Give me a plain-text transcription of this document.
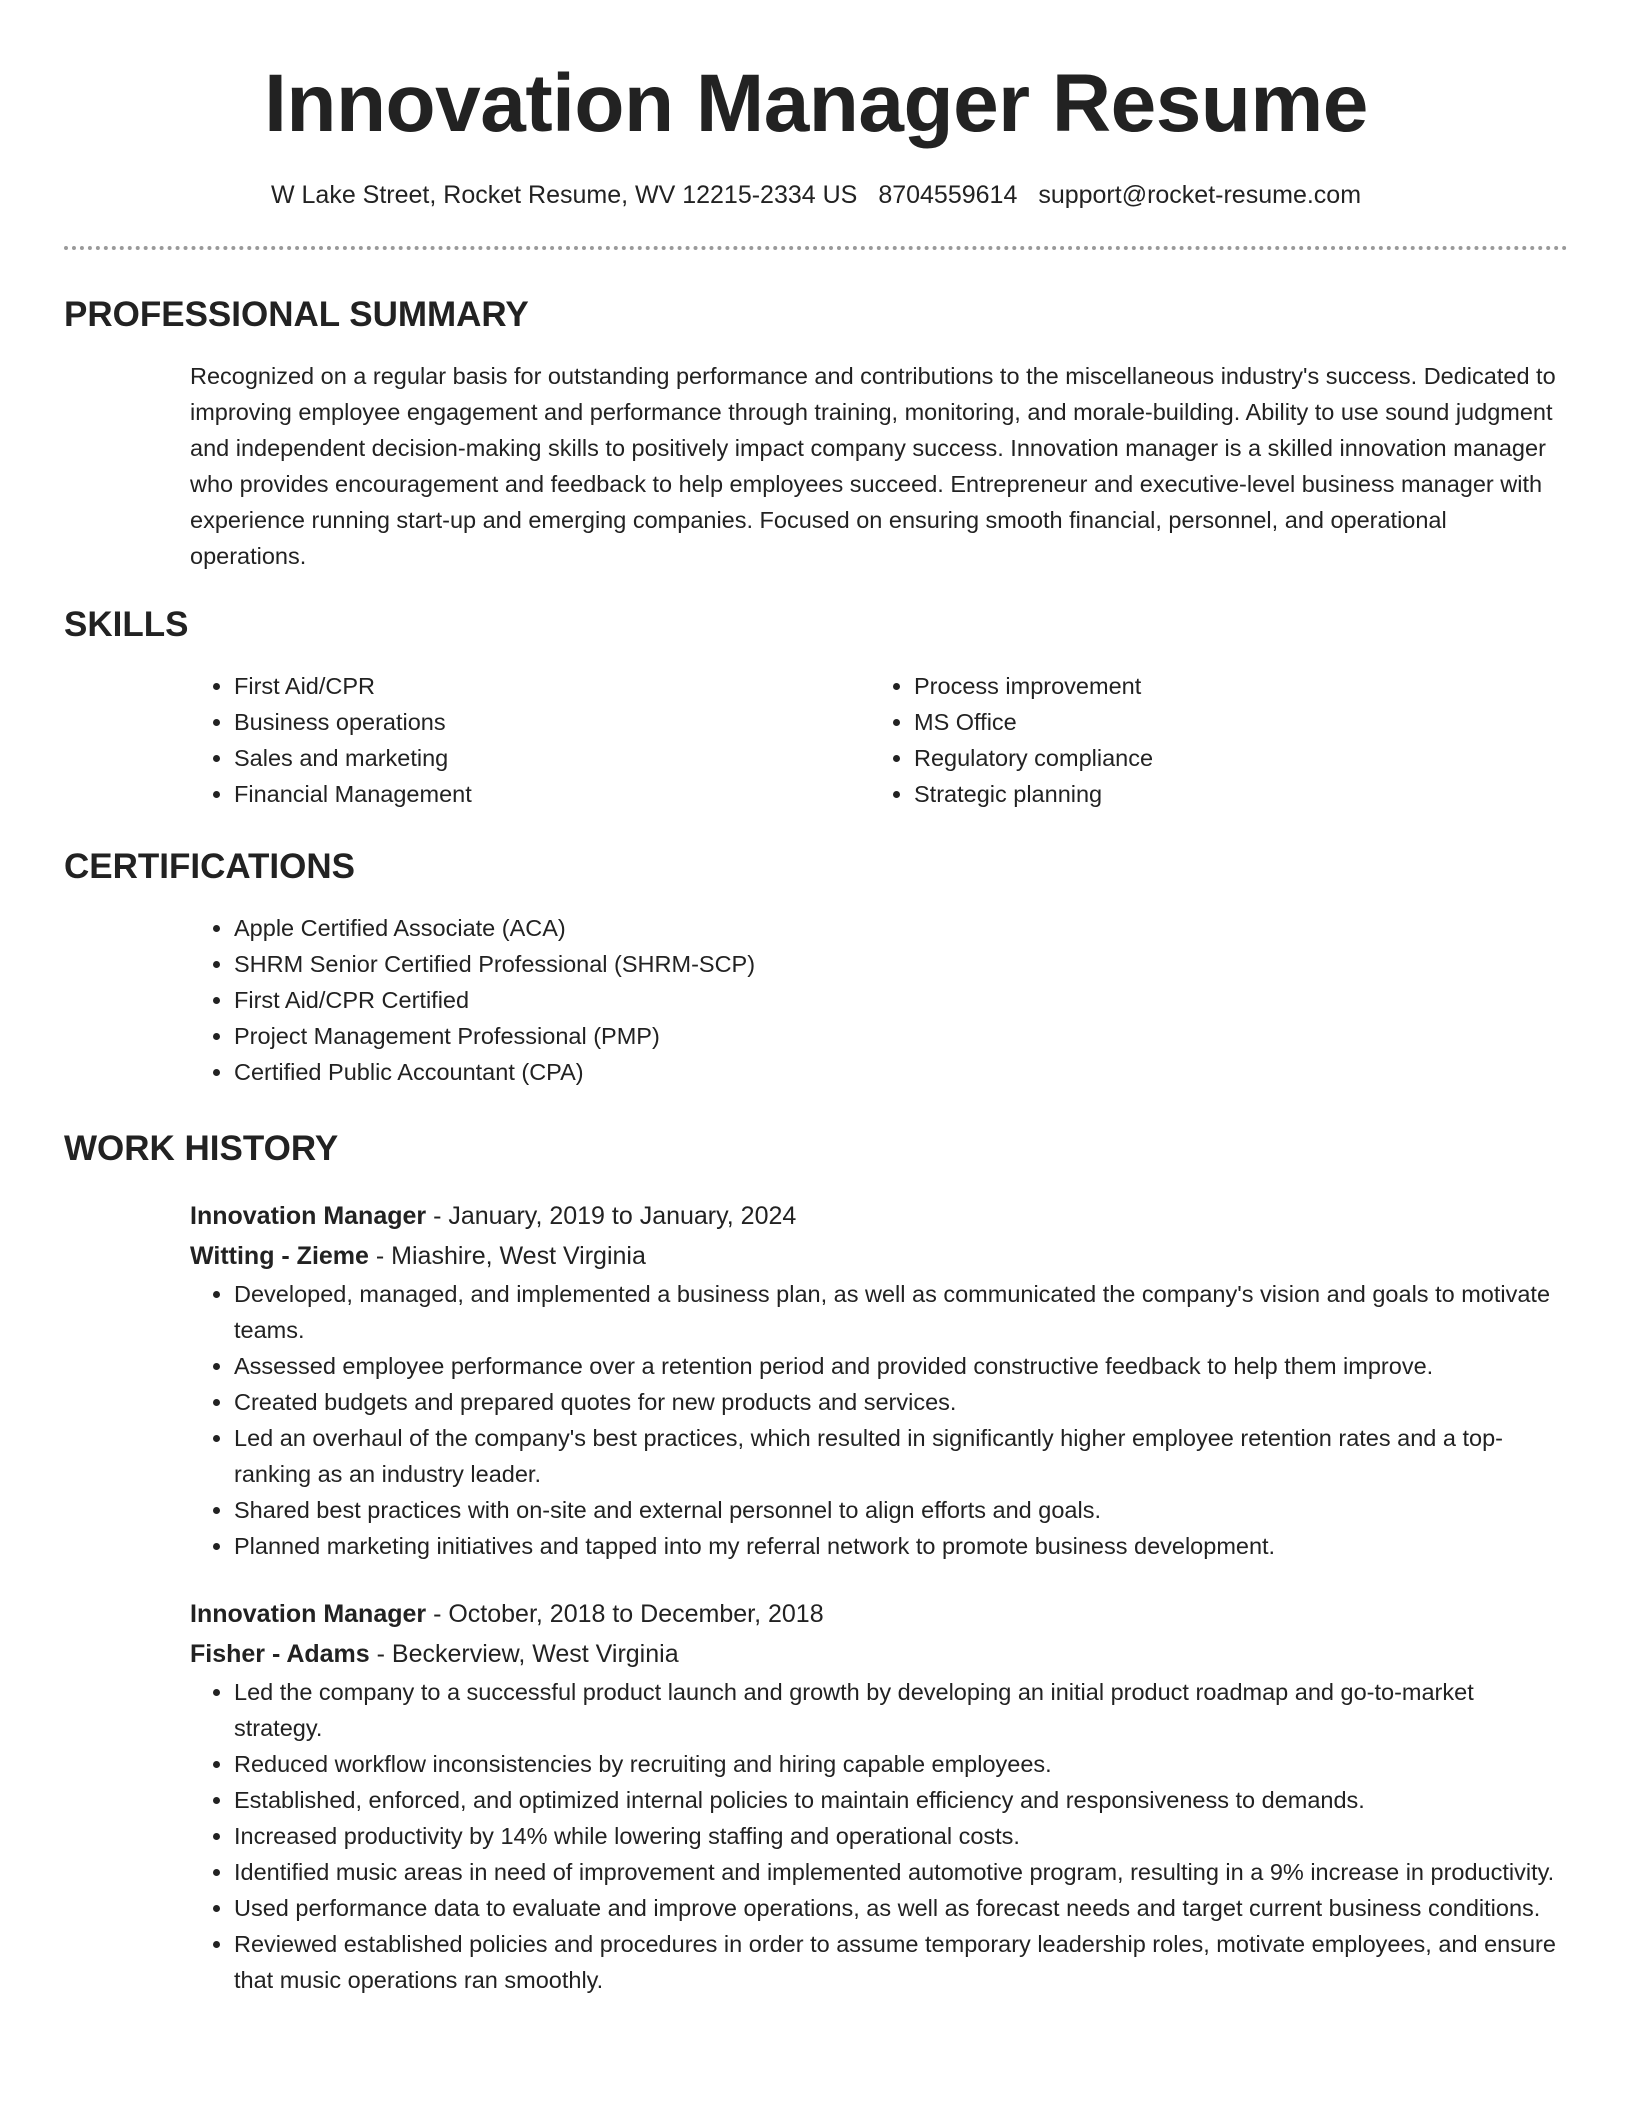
Innovation Manager Resume
W Lake Street, Rocket Resume, WV 12215-2334 US 8704559614 support@rocket-resume.com
PROFESSIONAL SUMMARY

Recognized on a regular basis for outstanding performance and contributions to the miscellaneous industry's success. Dedicated to improving employee engagement and performance through training, monitoring, and morale-building. Ability to use sound judgment and independent decision-making skills to positively impact company success. Innovation manager is a skilled innovation manager who provides encouragement and feedback to help employees succeed. Entrepreneur and executive-level business manager with experience running start-up and emerging companies. Focused on ensuring smooth financial, personnel, and operational operations.

SKILLS
• First Aid/CPR
• Business operations
• Sales and marketing
• Financial Management
• Process improvement
• MS Office
• Regulatory compliance
• Strategic planning
CERTIFICATIONS
• Apple Certified Associate (ACA)
• SHRM Senior Certified Professional (SHRM-SCP)
• First Aid/CPR Certified
• Project Management Professional (PMP)
• Certified Public Accountant (CPA)
WORK HISTORY
Innovation Manager - January, 2019 to January, 2024
Witting - Zieme - Miashire, West Virginia
• Developed, managed, and implemented a business plan, as well as communicated the company's vision and goals to motivate teams.
• Assessed employee performance over a retention period and provided constructive feedback to help them improve.
• Created budgets and prepared quotes for new products and services.
• Led an overhaul of the company's best practices, which resulted in significantly higher employee retention rates and a top-ranking as an industry leader.
• Shared best practices with on-site and external personnel to align efforts and goals.
• Planned marketing initiatives and tapped into my referral network to promote business development.
Innovation Manager - October, 2018 to December, 2018
Fisher - Adams - Beckerview, West Virginia
• Led the company to a successful product launch and growth by developing an initial product roadmap and go-to-market strategy.
• Reduced workflow inconsistencies by recruiting and hiring capable employees.
• Established, enforced, and optimized internal policies to maintain efficiency and responsiveness to demands.
• Increased productivity by 14% while lowering staffing and operational costs.
• Identified music areas in need of improvement and implemented automotive program, resulting in a 9% increase in productivity.
• Used performance data to evaluate and improve operations, as well as forecast needs and target current business conditions.
• Reviewed established policies and procedures in order to assume temporary leadership roles, motivate employees, and ensure that music operations ran smoothly.
